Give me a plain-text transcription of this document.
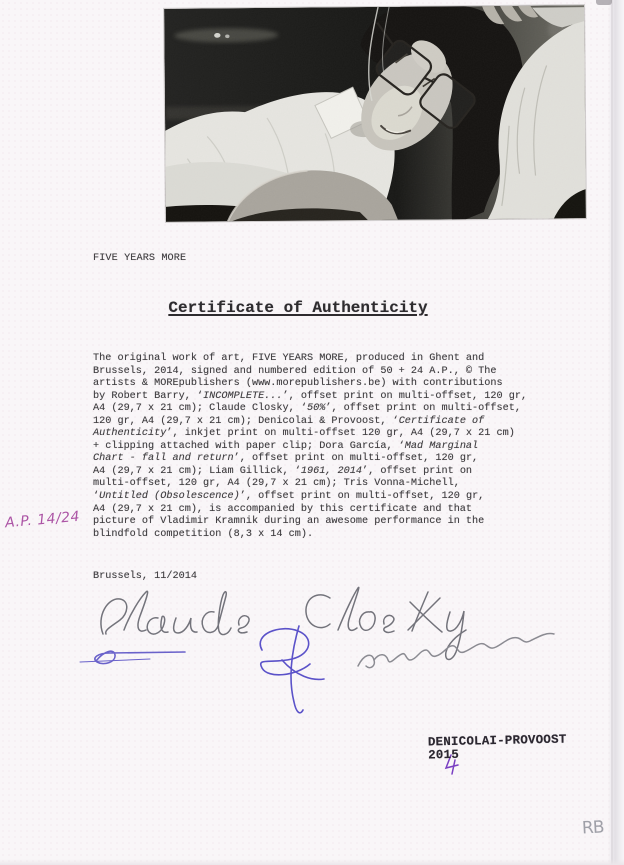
FIVE YEARS MORE
Certificate of Authenticity
The original work of art, FIVE YEARS MORE, produced in Ghent and
Brussels, 2014, signed and numbered edition of 50 + 24 A.P., © The
artists & MOREpublishers (www.morepublishers.be) with contributions
by Robert Barry, ‘INCOMPLETE...’, offset print on multi-offset, 120 gr,
A4 (29,7 x 21 cm); Claude Closky, ‘50%’, offset print on multi-offset,
120 gr, A4 (29,7 x 21 cm); Denicolai & Provoost, ‘Certificate of
Authenticity’, inkjet print on multi-offset 120 gr, A4 (29,7 x 21 cm)
+ clipping attached with paper clip; Dora García, ‘Mad Marginal
Chart - fall and return’, offset print on multi-offset, 120 gr,
A4 (29,7 x 21 cm); Liam Gillick, ‘1961, 2014’, offset print on
multi-offset, 120 gr, A4 (29,7 x 21 cm); Tris Vonna-Michell,
‘Untitled (Obsolescence)’, offset print on multi-offset, 120 gr,
A4 (29,7 x 21 cm), is accompanied by this certificate and that
picture of Vladimir Kramnik during an awesome performance in the
blindfold competition (8,3 x 14 cm).
Brussels, 11/2014
A.P. 14/24
DENICOLAI-PROVOOST
2015
RB
